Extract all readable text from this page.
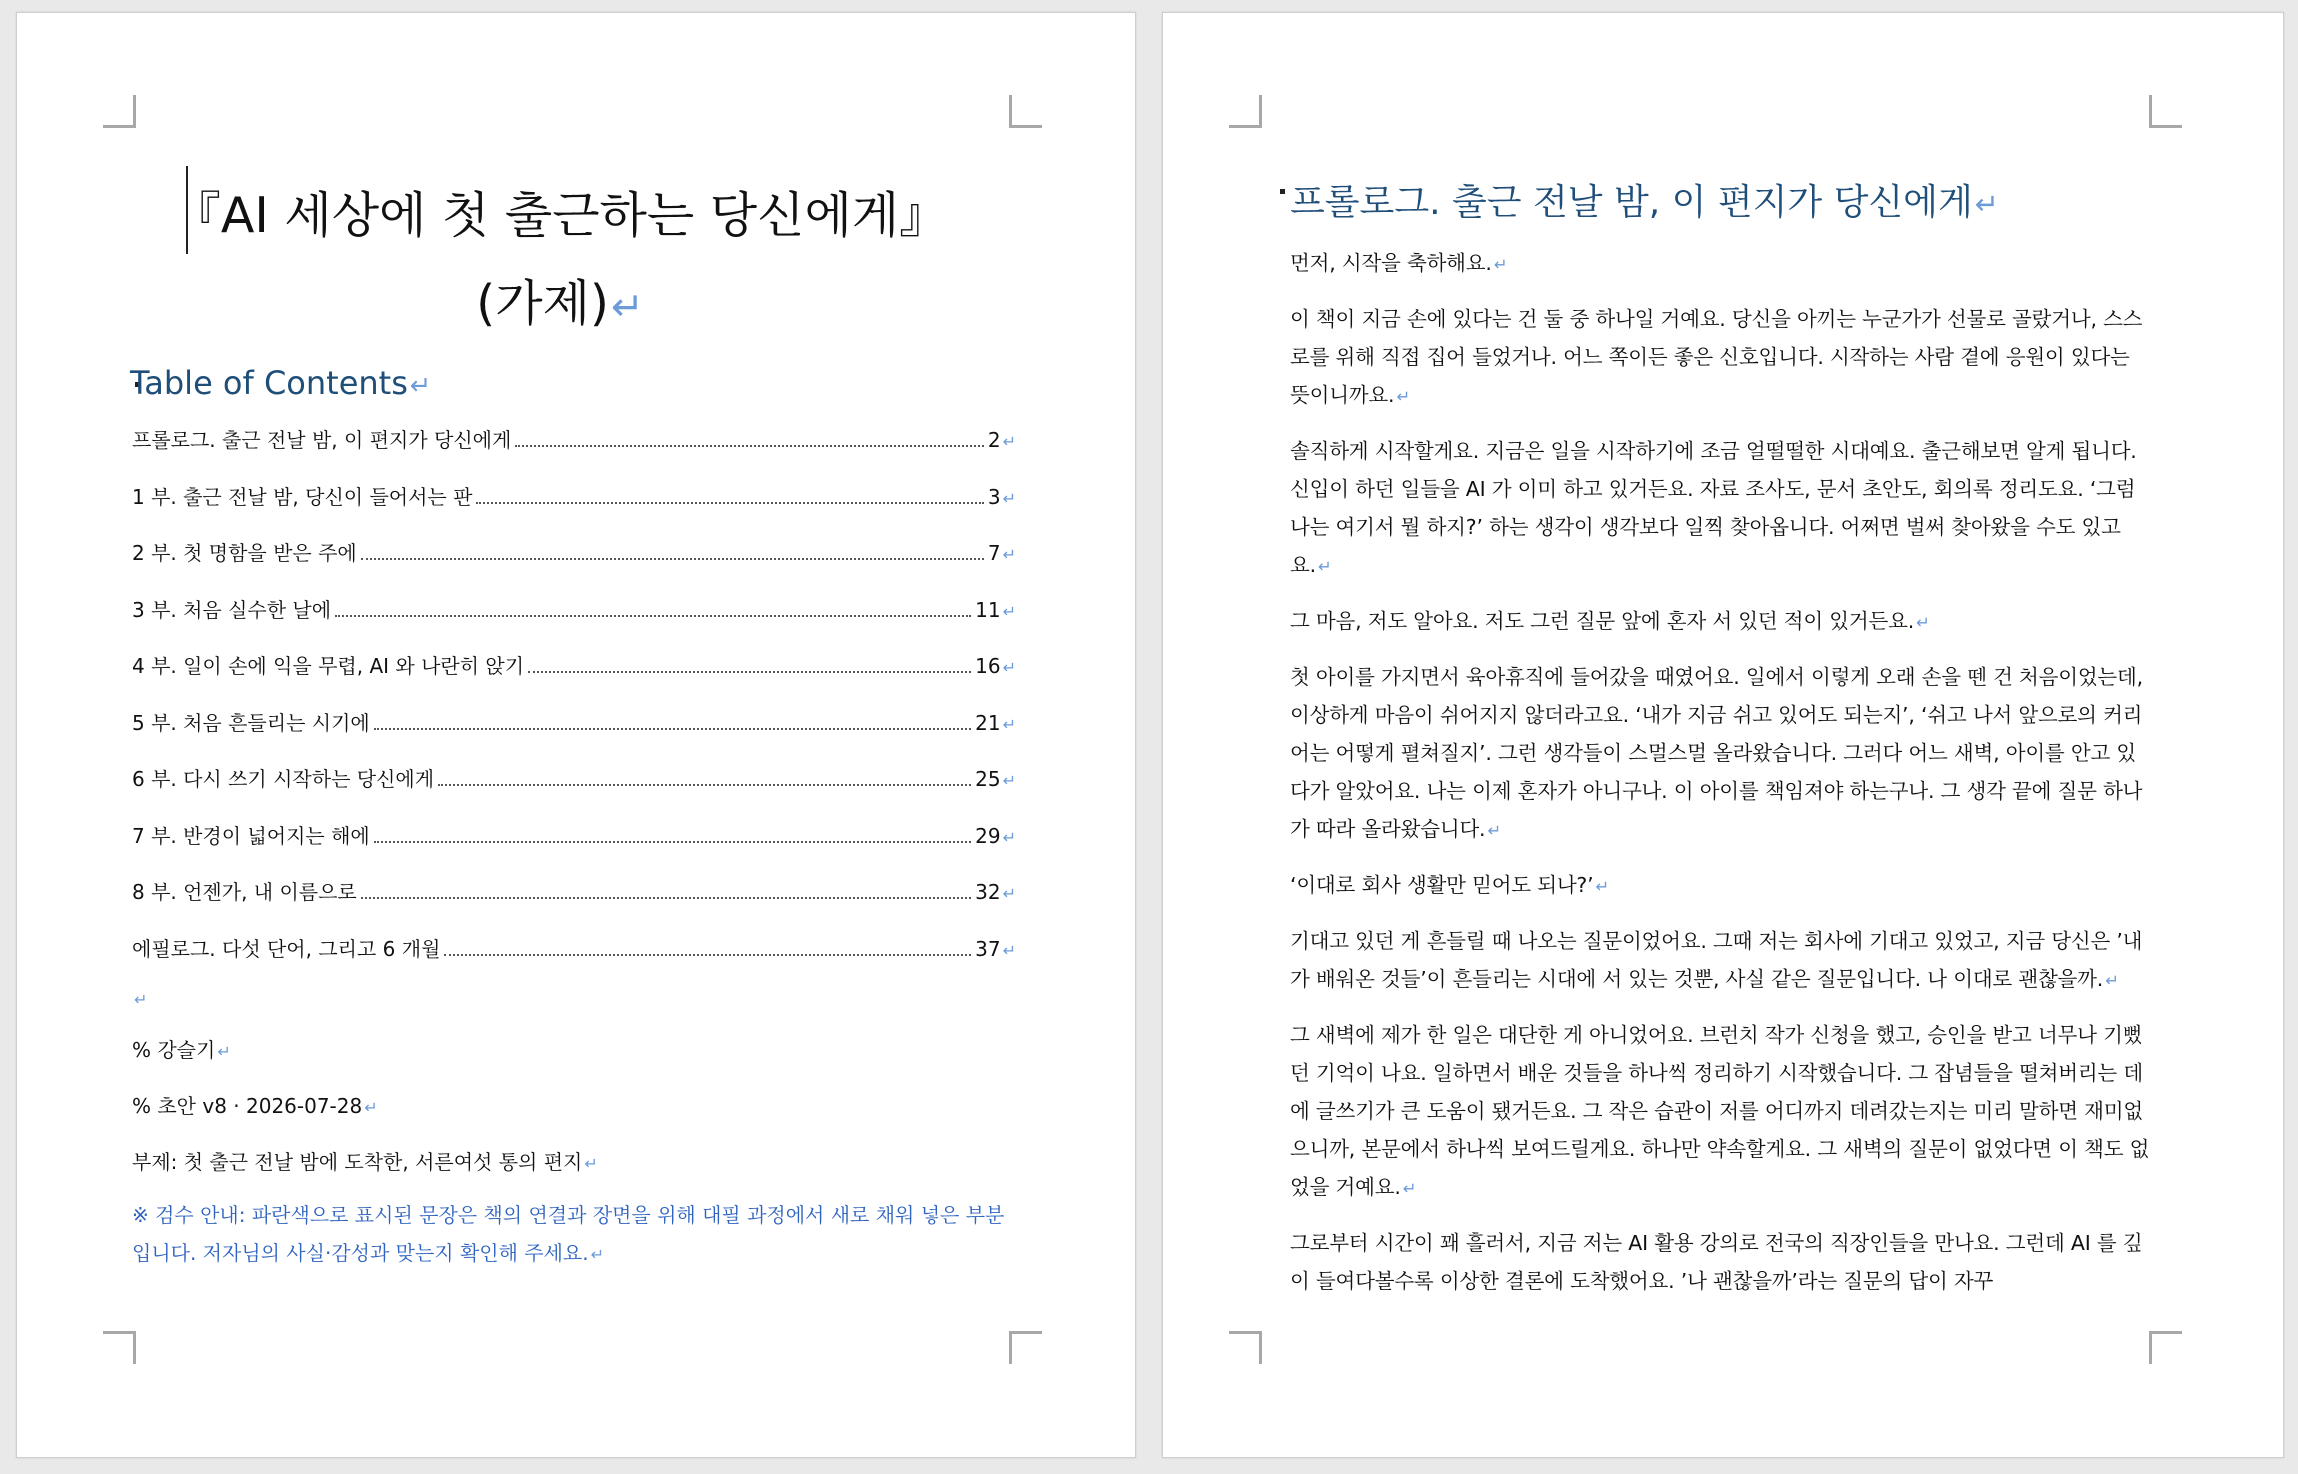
『AI 세상에 첫 출근하는 당신에게』
(가제)↵
Table of Contents↵
프롤로그. 출근 전날 밤, 이 편지가 당신에게	2 ↵
1 부. 출근 전날 밤, 당신이 들어서는 판	3 ↵
2 부. 첫 명함을 받은 주에	7 ↵
3 부. 처음 실수한 날에	11 ↵
4 부. 일이 손에 익을 무렵, AI 와 나란히 앉기	16 ↵
5 부. 처음 흔들리는 시기에	21 ↵
6 부. 다시 쓰기 시작하는 당신에게	25 ↵
7 부. 반경이 넓어지는 해에	29 ↵
8 부. 언젠가, 내 이름으로	32 ↵
에필로그. 다섯 단어, 그리고 6 개월	37 ↵

↵

% 강슬기 ↵

% 초안 v8 · 2026-07-28 ↵

부제: 첫 출근 전날 밤에 도착한, 서른여섯 통의 편지 ↵

※ 검수 안내: 파란색으로 표시된 문장은 책의 연결과 장면을 위해 대필 과정에서 새로 채워 넣은 부분입니다. 저자님의 사실·감성과 맞는지 확인해 주세요. ↵

프롤로그. 출근 전날 밤, 이 편지가 당신에게↵

먼저, 시작을 축하해요. ↵

이 책이 지금 손에 있다는 건 둘 중 하나일 거예요. 당신을 아끼는 누군가가 선물로 골랐거나, 스스로를 위해 직접 집어 들었거나. 어느 쪽이든 좋은 신호입니다. 시작하는 사람 곁에 응원이 있다는 뜻이니까요. ↵

솔직하게 시작할게요. 지금은 일을 시작하기에 조금 얼떨떨한 시대예요. 출근해보면 알게 됩니다. 신입이 하던 일들을 AI 가 이미 하고 있거든요. 자료 조사도, 문서 초안도, 회의록 정리도요. ‘그럼 나는 여기서 뭘 하지?’ 하는 생각이 생각보다 일찍 찾아옵니다. 어쩌면 벌써 찾아왔을 수도 있고요. ↵

그 마음, 저도 알아요. 저도 그런 질문 앞에 혼자 서 있던 적이 있거든요. ↵

첫 아이를 가지면서 육아휴직에 들어갔을 때였어요. 일에서 이렇게 오래 손을 뗀 건 처음이었는데, 이상하게 마음이 쉬어지지 않더라고요. ‘내가 지금 쉬고 있어도 되는지’, ‘쉬고 나서 앞으로의 커리어는 어떻게 펼쳐질지’. 그런 생각들이 스멀스멀 올라왔습니다. 그러다 어느 새벽, 아이를 안고 있다가 알았어요. 나는 이제 혼자가 아니구나. 이 아이를 책임져야 하는구나. 그 생각 끝에 질문 하나가 따라 올라왔습니다. ↵

‘이대로 회사 생활만 믿어도 되나?’ ↵

기대고 있던 게 흔들릴 때 나오는 질문이었어요. 그때 저는 회사에 기대고 있었고, 지금 당신은 ’내가 배워온 것들’이 흔들리는 시대에 서 있는 것뿐, 사실 같은 질문입니다. 나 이대로 괜찮을까. ↵

그 새벽에 제가 한 일은 대단한 게 아니었어요. 브런치 작가 신청을 했고, 승인을 받고 너무나 기뻤던 기억이 나요. 일하면서 배운 것들을 하나씩 정리하기 시작했습니다. 그 잡념들을 떨쳐버리는 데에 글쓰기가 큰 도움이 됐거든요. 그 작은 습관이 저를 어디까지 데려갔는지는 미리 말하면 재미없으니까, 본문에서 하나씩 보여드릴게요. 하나만 약속할게요. 그 새벽의 질문이 없었다면 이 책도 없었을 거예요. ↵

그로부터 시간이 꽤 흘러서, 지금 저는 AI 활용 강의로 전국의 직장인들을 만나요. 그런데 AI 를 깊이 들여다볼수록 이상한 결론에 도착했어요. ’나 괜찮을까’라는 질문의 답이 자꾸
